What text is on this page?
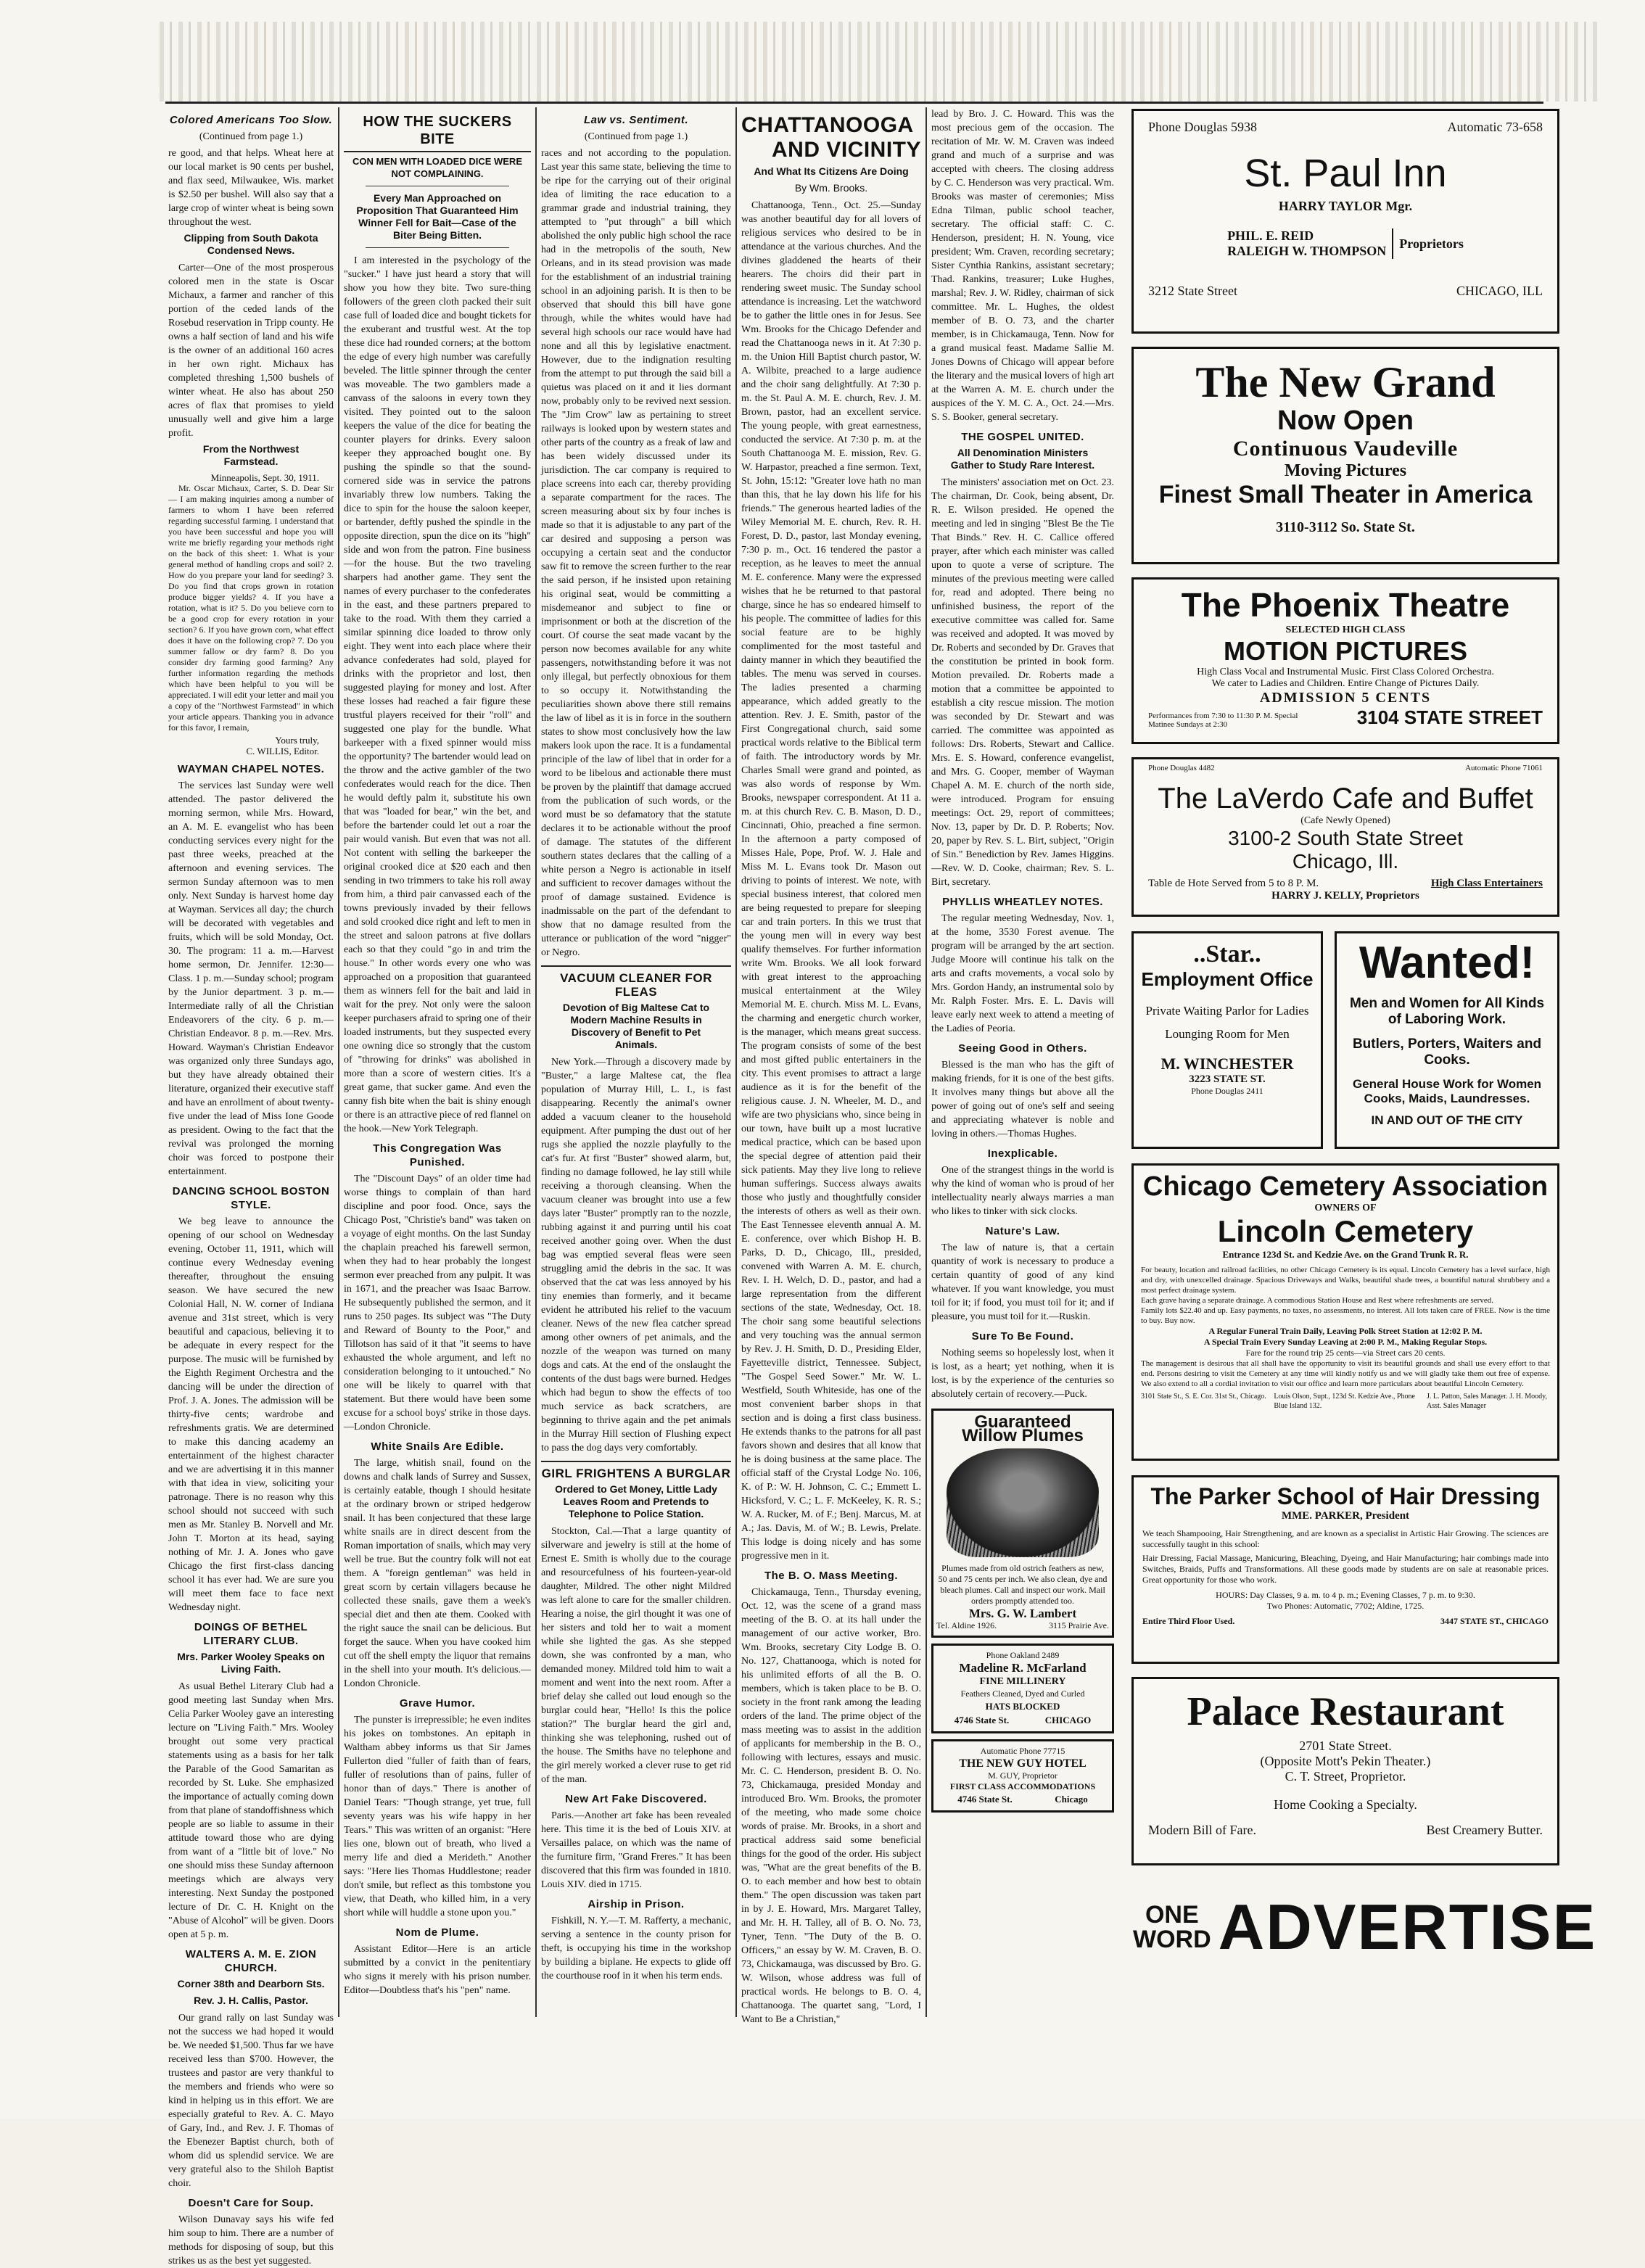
Colored Americans Too Slow.
(Continued from page 1.)

re good, and that helps. Wheat here at our local market is 90 cents per bushel, and flax seed, Milwaukee, Wis. market is $2.50 per bushel. Will also say that a large crop of winter wheat is being sown throughout the west.

Clipping from South Dakota Condensed News.

Carter—One of the most prosperous colored men in the state is Oscar Michaux, a farmer and rancher of this portion of the ceded lands of the Rosebud reservation in Tripp county. He owns a half section of land and his wife is the owner of an additional 160 acres in her own right. Michaux has completed threshing 1,500 bushels of winter wheat. He also has about 250 acres of flax that promises to yield unusually well and give him a large profit.

From the Northwest Farmstead.
Minneapolis, Sept. 30, 1911.

Mr. Oscar Michaux, Carter, S. D. Dear Sir— I am making inquiries among a number of farmers to whom I have been referred regarding successful farming. I understand that you have been successful and hope you will write me briefly regarding your methods right on the back of this sheet: 1. What is your general method of handling crops and soil? 2. How do you prepare your land for seeding? 3. Do you find that crops grown in rotation produce bigger yields? 4. If you have a rotation, what is it? 5. Do you believe corn to be a good crop for every rotation in your section? 6. If you have grown corn, what effect does it have on the following crop? 7. Do you summer fallow or dry farm? 8. Do you consider dry farming good farming? Any further information regarding the methods which have been helpful to you will be appreciated. I will edit your letter and mail you a copy of the "Northwest Farmstead" in which your article appears. Thanking you in advance for this favor, I remain,

Yours truly,
C. WILLIS, Editor.
WAYMAN CHAPEL NOTES.

The services last Sunday were well attended. The pastor delivered the morning sermon, while Mrs. Howard, an A. M. E. evangelist who has been conducting services every night for the past three weeks, preached at the afternoon and evening services. The sermon Sunday afternoon was to men only. Next Sunday is harvest home day at Wayman. Services all day; the church will be decorated with vegetables and fruits, which will be sold Monday, Oct. 30. The program: 11 a. m.—Harvest home sermon, Dr. Jennifer. 12:30—Class. 1 p. m.—Sunday school; program by the Junior department. 3 p. m.—Intermediate rally of all the Christian Endeavorers of the city. 6 p. m.—Christian Endeavor. 8 p. m.—Rev. Mrs. Howard. Wayman's Christian Endeavor was organized only three Sundays ago, but they have already obtained their literature, organized their executive staff and have an enrollment of about twenty-five under the lead of Miss Ione Goode as president. Owing to the fact that the revival was prolonged the morning choir was forced to postpone their entertainment.

DANCING SCHOOL BOSTON STYLE.

We beg leave to announce the opening of our school on Wednesday evening, October 11, 1911, which will continue every Wednesday evening thereafter, throughout the ensuing season. We have secured the new Colonial Hall, N. W. corner of Indiana avenue and 31st street, which is very beautiful and capacious, believing it to be adequate in every respect for the purpose. The music will be furnished by the Eighth Regiment Orchestra and the dancing will be under the direction of Prof. J. A. Jones. The admission will be thirty-five cents; wardrobe and refreshments gratis. We are determined to make this dancing academy an entertainment of the highest character and we are advertising it in this manner with that idea in view, soliciting your patronage. There is no reason why this school should not succeed with such men as Mr. Stanley B. Norvell and Mr. John T. Morton at its head, saying nothing of Mr. J. A. Jones who gave Chicago the first first-class dancing school it has ever had. We are sure you will meet them face to face next Wednesday night.

DOINGS OF BETHEL LITERARY CLUB.
Mrs. Parker Wooley Speaks on Living Faith.

As usual Bethel Literary Club had a good meeting last Sunday when Mrs. Celia Parker Wooley gave an interesting lecture on "Living Faith." Mrs. Wooley brought out some very practical statements using as a basis for her talk the Parable of the Good Samaritan as recorded by St. Luke. She emphasized the importance of actually coming down from that plane of standoffishness which people are so liable to assume in their attitude toward those who are dying from want of a "little bit of love." No one should miss these Sunday afternoon meetings which are always very interesting. Next Sunday the postponed lecture of Dr. C. H. Knight on the "Abuse of Alcohol" will be given. Doors open at 5 p. m.

WALTERS A. M. E. ZION CHURCH.
Corner 38th and Dearborn Sts.
Rev. J. H. Callis, Pastor.

Our grand rally on last Sunday was not the success we had hoped it would be. We needed $1,500. Thus far we have received less than $700. However, the trustees and pastor are very thankful to the members and friends who were so kind in helping us in this effort. We are especially grateful to Rev. A. C. Mayo of Gary, Ind., and Rev. J. F. Thomas of the Ebenezer Baptist church, both of whom did us splendid service. We are very grateful also to the Shiloh Baptist choir.

Doesn't Care for Soup.

Wilson Dunavay says his wife fed him soup to him. There are a number of methods for disposing of soup, but this strikes us as the best yet suggested.

HOW THE SUCKERS BITE
CON MEN WITH LOADED DICE WERE NOT COMPLAINING.
Every Man Approached on Proposition That Guaranteed Him Winner Fell for Bait—Case of the Biter Being Bitten.

I am interested in the psychology of the "sucker." I have just heard a story that will show you how they bite. Two sure-thing followers of the green cloth packed their suit case full of loaded dice and bought tickets for the exuberant and trustful west. At the top these dice had rounded corners; at the bottom the edge of every high number was carefully beveled. The little spinner through the center was moveable. The two gamblers made a canvass of the saloons in every town they visited. They pointed out to the saloon keepers the value of the dice for beating the counter players for drinks. Every saloon keeper they approached bought one. By pushing the spindle so that the sound-cornered side was in service the patrons invariably threw low numbers. Taking the dice to spin for the house the saloon keeper, or bartender, deftly pushed the spindle in the opposite direction, spun the dice on its "high" side and won from the patron. Fine business—for the house. But the two traveling sharpers had another game. They sent the names of every purchaser to the confederates in the east, and these partners prepared to take to the road. With them they carried a similar spinning dice loaded to throw only eight. They went into each place where their advance confederates had sold, played for drinks with the proprietor and lost, then suggested playing for money and lost. After these losses had reached a fair figure these trustful players received for their "roll" and suggested one play for the bundle. What barkeeper with a fixed spinner would miss the opportunity? The bartender would lead on the throw and the active gambler of the two confederates would reach for the dice. Then he would deftly palm it, substitute his own that was "loaded for bear," win the bet, and before the bartender could let out a roar the pair would vanish. But even that was not all. Not content with selling the barkeeper the original crooked dice at $20 each and then sending in two trimmers to take his roll away from him, a third pair canvassed each of the towns previously invaded by their fellows and sold crooked dice right and left to men in the street and saloon patrons at five dollars each so that they could "go in and trim the house." In other words every one who was approached on a proposition that guaranteed them as winners fell for the bait and laid in wait for the prey. Not only were the saloon keeper purchasers afraid to spring one of their loaded instruments, but they suspected every one owning dice so strongly that the custom of "throwing for drinks" was abolished in more than a score of western cities. It's a great game, that sucker game. And even the canny fish bite when the bait is shiny enough or there is an attractive piece of red flannel on the hook.—New York Telegraph.

This Congregation Was Punished.

The "Discount Days" of an older time had worse things to complain of than hard discipline and poor food. Once, says the Chicago Post, "Christie's band" was taken on a voyage of eight months. On the last Sunday the chaplain preached his farewell sermon, when they had to hear probably the longest sermon ever preached from any pulpit. It was in 1671, and the preacher was Isaac Barrow. He subsequently published the sermon, and it runs to 250 pages. Its subject was "The Duty and Reward of Bounty to the Poor," and Tillotson has said of it that "it seems to have exhausted the whole argument, and left no consideration belonging to it untouched." No one will be likely to quarrel with that statement. But there would have been some excuse for a school boys' strike in those days.—London Chronicle.

White Snails Are Edible.

The large, whitish snail, found on the downs and chalk lands of Surrey and Sussex, is certainly eatable, though I should hesitate at the ordinary brown or striped hedgerow snail. It has been conjectured that these large white snails are in direct descent from the Roman importation of snails, which may very well be true. But the country folk will not eat them. A "foreign gentleman" was held in great scorn by certain villagers because he collected these snails, gave them a week's special diet and then ate them. Cooked with the right sauce the snail can be delicious. But forget the sauce. When you have cooked him cut off the shell empty the liquor that remains in the shell into your mouth. It's delicious.—London Chronicle.

Grave Humor.

The punster is irrepressible; he even indites his jokes on tombstones. An epitaph in Waltham abbey informs us that Sir James Fullerton died "fuller of faith than of fears, fuller of resolutions than of pains, fuller of honor than of days." There is another of Daniel Tears: "Though strange, yet true, full seventy years was his wife happy in her Tears." This was written of an organist: "Here lies one, blown out of breath, who lived a merry life and died a Merideth." Another says: "Here lies Thomas Huddlestone; reader don't smile, but reflect as this tombstone you view, that Death, who killed him, in a very short while will huddle a stone upon you."

Nom de Plume.

Assistant Editor—Here is an article submitted by a convict in the penitentiary who signs it merely with his prison number. Editor—Doubtless that's his "pen" name.

Law vs. Sentiment.
(Continued from page 1.)

races and not according to the population. Last year this same state, believing the time to be ripe for the carrying out of their original idea of limiting the race education to a grammar grade and industrial training, they attempted to "put through" a bill which abolished the only public high school the race had in the metropolis of the south, New Orleans, and in its stead provision was made for the establishment of an industrial training school in an adjoining parish. It is then to be observed that should this bill have gone through, while the whites would have had several high schools our race would have had none and all this by legislative enactment. However, due to the indignation resulting from the attempt to put through the said bill a quietus was placed on it and it lies dormant now, probably only to be revived next session. The "Jim Crow" law as pertaining to street railways is looked upon by western states and other parts of the country as a freak of law and has been widely discussed under its jurisdiction. The car company is required to place screens into each car, thereby providing a separate compartment for the races. The screen measuring about six by four inches is made so that it is adjustable to any part of the car desired and supposing a person was occupying a certain seat and the conductor saw fit to remove the screen further to the rear the said person, if he insisted upon retaining his original seat, would be committing a misdemeanor and subject to fine or imprisonment or both at the discretion of the court. Of course the seat made vacant by the person now becomes available for any white passengers, notwithstanding before it was not only illegal, but perfectly obnoxious for them to so occupy it. Notwithstanding the peculiarities shown above there still remains the law of libel as it is in force in the southern states to show most conclusively how the law makers look upon the race. It is a fundamental principle of the law of libel that in order for a word to be libelous and actionable there must be proven by the plaintiff that damage accrued from the publication of such words, or the word must be so defamatory that the statute declares it to be actionable without the proof of damage. The statutes of the different southern states declares that the calling of a white person a Negro is actionable in itself and sufficient to recover damages without the proof of damage sustained. Evidence is inadmissable on the part of the defendant to show that no damage resulted from the utterance or publication of the word "nigger" or Negro.

VACUUM CLEANER FOR FLEAS
Devotion of Big Maltese Cat to Modern Machine Results in Discovery of Benefit to Pet Animals.

New York.—Through a discovery made by "Buster," a large Maltese cat, the flea population of Murray Hill, L. I., is fast disappearing. Recently the animal's owner added a vacuum cleaner to the household equipment. After pumping the dust out of her rugs she applied the nozzle playfully to the cat's fur. At first "Buster" showed alarm, but, finding no damage followed, he lay still while receiving a thorough cleansing. When the vacuum cleaner was brought into use a few days later "Buster" promptly ran to the nozzle, rubbing against it and purring until his coat received another going over. When the dust bag was emptied several fleas were seen struggling amid the debris in the sac. It was observed that the cat was less annoyed by his tiny enemies than formerly, and it became evident he attributed his relief to the vacuum cleaner. News of the new flea catcher spread among other owners of pet animals, and the nozzle of the weapon was turned on many dogs and cats. At the end of the onslaught the contents of the dust bags were burned. Hedges which had begun to show the effects of too much service as back scratchers, are beginning to thrive again and the pet animals in the Murray Hill section of Flushing expect to pass the dog days very comfortably.

GIRL FRIGHTENS A BURGLAR
Ordered to Get Money, Little Lady Leaves Room and Pretends to Telephone to Police Station.

Stockton, Cal.—That a large quantity of silverware and jewelry is still at the home of Ernest E. Smith is wholly due to the courage and resourcefulness of his fourteen-year-old daughter, Mildred. The other night Mildred was left alone to care for the smaller children. Hearing a noise, the girl thought it was one of her sisters and told her to wait a moment while she lighted the gas. As she stepped down, she was confronted by a man, who demanded money. Mildred told him to wait a moment and went into the next room. After a brief delay she called out loud enough so the burglar could hear, "Hello! Is this the police station?" The burglar heard the girl and, thinking she was telephoning, rushed out of the house. The Smiths have no telephone and the girl merely worked a clever ruse to get rid of the man.

New Art Fake Discovered.

Paris.—Another art fake has been revealed here. This time it is the bed of Louis XIV. at Versailles palace, on which was the name of the furniture firm, "Grand Freres." It has been discovered that this firm was founded in 1810. Louis XIV. died in 1715.

Airship in Prison.

Fishkill, N. Y.—T. M. Rafferty, a mechanic, serving a sentence in the county prison for theft, is occupying his time in the workshop by building a biplane. He expects to glide off the courthouse roof in it when his term ends.

CHATTANOOGA
AND VICINITY
And What Its Citizens Are Doing
By Wm. Brooks.

Chattanooga, Tenn., Oct. 25.—Sunday was another beautiful day for all lovers of religious services who desired to be in attendance at the various churches. And the divines gladdened the hearts of their hearers. The choirs did their part in rendering sweet music. The Sunday school attendance is increasing. Let the watchword be to gather the little ones in for Jesus. See Wm. Brooks for the Chicago Defender and read the Chattanooga news in it. At 7:30 p. m. the Union Hill Baptist church pastor, W. A. Wilbite, preached to a large audience and the choir sang delightfully. At 7:30 p. m. the St. Paul A. M. E. church, Rev. J. M. Brown, pastor, had an excellent service. The young people, with great earnestness, conducted the service. At 7:30 p. m. at the South Chattanooga M. E. mission, Rev. G. W. Harpastor, preached a fine sermon. Text, St. John, 15:12: "Greater love hath no man than this, that he lay down his life for his friends." The generous hearted ladies of the Wiley Memorial M. E. church, Rev. R. H. Forest, D. D., pastor, last Monday evening, 7:30 p. m., Oct. 16 tendered the pastor a reception, as he leaves to meet the annual M. E. conference. Many were the expressed wishes that he be returned to that pastoral charge, since he has so endeared himself to his people. The committee of ladies for this social feature are to be highly complimented for the most tasteful and dainty manner in which they beautified the tables. The menu was served in courses. The ladies presented a charming appearance, which added greatly to the attention. Rev. J. E. Smith, pastor of the First Congregational church, said some practical words relative to the Biblical term of faith. The introductory words by Mr. Charles Small were grand and pointed, as was also words of response by Wm. Brooks, newspaper correspondent. At 11 a. m. at this church Rev. C. B. Mason, D. D., Cincinnati, Ohio, preached a fine sermon. In the afternoon a party composed of Misses Hale, Pope, Prof. W. J. Hale and Miss M. L. Evans took Dr. Mason out driving to points of interest. We note, with special business interest, that colored men are being requested to prepare for sleeping car and train porters. In this we trust that the young men will in every way best qualify themselves. For further information write Wm. Brooks. We all look forward with great interest to the approaching musical entertainment at the Wiley Memorial M. E. church. Miss M. L. Evans, the charming and energetic church worker, is the manager, which means great success. The program consists of some of the best and most gifted public entertainers in the city. This event promises to attract a large audience as it is for the benefit of the religious cause. J. N. Wheeler, M. D., and wife are two physicians who, since being in our town, have built up a most lucrative medical practice, which can be based upon the special degree of attention paid their sick patients. May they live long to relieve human sufferings. Success always awaits those who justly and thoughtfully consider the interests of others as well as their own. The East Tennessee eleventh annual A. M. E. conference, over which Bishop H. B. Parks, D. D., Chicago, Ill., presided, convened with Warren A. M. E. church, Rev. I. H. Welch, D. D., pastor, and had a large representation from the different sections of the state, Wednesday, Oct. 18. The choir sang some beautiful selections and very touching was the annual sermon by Rev. J. H. Smith, D. D., Presiding Elder, Fayetteville district, Tennessee. Subject, "The Gospel Seed Sower." Mr. W. L. Westfield, South Whiteside, has one of the most convenient barber shops in that section and is doing a first class business. He extends thanks to the patrons for all past favors shown and desires that all know that he is doing business at the same place. The official staff of the Crystal Lodge No. 106, K. of P.: W. H. Johnson, C. C.; Emmett L. Hicksford, V. C.; L. F. McKeeley, K. R. S.; W. A. Rucker, M. of F.; Benj. Marcus, M. at A.; Jas. Davis, M. of W.; B. Lewis, Prelate. This lodge is doing nicely and has some progressive men in it.

The B. O. Mass Meeting.

Chickamauga, Tenn., Thursday evening, Oct. 12, was the scene of a grand mass meeting of the B. O. at its hall under the management of our active worker, Bro. Wm. Brooks, secretary City Lodge B. O. No. 127, Chattanooga, which is noted for his unlimited efforts of all the B. O. members, which is taken place to be B. O. society in the front rank among the leading orders of the land. The prime object of the mass meeting was to assist in the addition of applicants for membership in the B. O., following with lectures, essays and music. Mr. C. C. Henderson, president B. O. No. 73, Chickamauga, presided Monday and introduced Bro. Wm. Brooks, the promoter of the meeting, who made some choice words of praise. Mr. Brooks, in a short and practical address said some beneficial things for the good of the order. His subject was, "What are the great benefits of the B. O. to each member and how best to obtain them." The open discussion was taken part in by J. E. Howard, Mrs. Margaret Talley, and Mr. H. H. Talley, all of B. O. No. 73, Tyner, Tenn. "The Duty of the B. O. Officers," an essay by W. M. Craven, B. O. 73, Chickamauga, was discussed by Bro. G. W. Wilson, whose address was full of practical words. He belongs to B. O. 4, Chattanooga. The quartet sang, "Lord, I Want to Be a Christian,"

lead by Bro. J. C. Howard. This was the most precious gem of the occasion. The recitation of Mr. W. M. Craven was indeed grand and much of a surprise and was accepted with cheers. The closing address by C. C. Henderson was very practical. Wm. Brooks was master of ceremonies; Miss Edna Tilman, public school teacher, secretary. The official staff: C. C. Henderson, president; H. N. Young, vice president; Wm. Craven, recording secretary; Sister Cynthia Rankins, assistant secretary; Thad. Rankins, treasurer; Luke Hughes, marshal; Rev. J. W. Ridley, chairman of sick committee. Mr. L. Hughes, the oldest member of B. O. 73, and the charter member, is in Chickamauga, Tenn. Now for a grand musical feast. Madame Sallie M. Jones Downs of Chicago will appear before the literary and the musical lovers of high art at the Warren A. M. E. church under the auspices of the Y. M. C. A., Oct. 24.—Mrs. S. S. Booker, general secretary.

THE GOSPEL UNITED.
All Denomination Ministers Gather to Study Rare Interest.

The ministers' association met on Oct. 23. The chairman, Dr. Cook, being absent, Dr. R. E. Wilson presided. He opened the meeting and led in singing "Blest Be the Tie That Binds." Rev. H. C. Callice offered prayer, after which each minister was called upon to quote a verse of scripture. The minutes of the previous meeting were called for, read and adopted. There being no unfinished business, the report of the executive committee was called for. Same was received and adopted. It was moved by Dr. Roberts and seconded by Dr. Graves that the constitution be printed in book form. Motion prevailed. Dr. Roberts made a motion that a committee be appointed to establish a city rescue mission. The motion was seconded by Dr. Stewart and was carried. The committee was appointed as follows: Drs. Roberts, Stewart and Callice. Mrs. E. S. Howard, conference evangelist, and Mrs. G. Cooper, member of Wayman Chapel A. M. E. church of the north side, were introduced. Program for ensuing meetings: Oct. 29, report of committees; Nov. 13, paper by Dr. D. P. Roberts; Nov. 20, paper by Rev. S. L. Birt, subject, "Origin of Sin." Benediction by Rev. James Higgins.—Rev. W. D. Cooke, chairman; Rev. S. L. Birt, secretary.

PHYLLIS WHEATLEY NOTES.

The regular meeting Wednesday, Nov. 1, at the home, 3530 Forest avenue. The program will be arranged by the art section. Judge Moore will continue his talk on the arts and crafts movements, a vocal solo by Mrs. Gordon Handy, an instrumental solo by Mr. Ralph Foster. Mrs. E. L. Davis will leave early next week to attend a meeting of the Ladies of Peoria.

Seeing Good in Others.

Blessed is the man who has the gift of making friends, for it is one of the best gifts. It involves many things but above all the power of going out of one's self and seeing and appreciating whatever is noble and loving in others.—Thomas Hughes.

Inexplicable.

One of the strangest things in the world is why the kind of woman who is proud of her intellectuality nearly always marries a man who likes to tinker with sick clocks.

Nature's Law.

The law of nature is, that a certain quantity of work is necessary to produce a certain quantity of good of any kind whatever. If you want knowledge, you must toil for it; if food, you must toil for it; and if pleasure, you must toil for it.—Ruskin.

Sure To Be Found.

Nothing seems so hopelessly lost, when it is lost, as a heart; yet nothing, when it is lost, is by the experience of the centuries so absolutely certain of recovery.—Puck.

Guaranteed
Willow Plumes
Plumes made from old ostrich feathers as new, 50 and 75 cents per inch. We also clean, dye and bleach plumes. Call and inspect our work. Mail orders promptly attended too.
Mrs. G. W. Lambert
Tel. Aldine 1926.	3115 Prairie Ave.
Phone Oakland 2489
Madeline R. McFarland
FINE MILLINERY
Feathers Cleaned, Dyed and Curled
HATS BLOCKED
4746 State St.	CHICAGO
Automatic Phone 77715
THE NEW GUY HOTEL
M. GUY, Proprietor
FIRST CLASS ACCOMMODATIONS
4746 State St.	Chicago
Phone Douglas 5938	Automatic 73-658
St. Paul Inn
HARRY TAYLOR Mgr.
PHIL. E. REID
RALEIGH W. THOMPSON
Proprietors
3212 State Street	CHICAGO, ILL
The New Grand
Now Open
Continuous Vaudeville
Moving Pictures
Finest Small Theater in America
3110-3112 So. State St.
The Phoenix Theatre
SELECTED HIGH CLASS
MOTION PICTURES
High Class Vocal and Instrumental Music. First Class Colored Orchestra.
We cater to Ladies and Children. Entire Change of Pictures Daily.
ADMISSION 5 CENTS
Performances from 7:30 to 11:30 P. M. Special Matinee Sundays at 2:30	3104 STATE STREET
Phone Douglas 4482	Automatic Phone 71061
The LaVerdo Cafe and Buffet
(Cafe Newly Opened)
3100-2 South State Street
Chicago, Ill.
Table de Hote Served from 5 to 8 P. M.	High Class Entertainers
HARRY J. KELLY, Proprietors
..Star..
Employment Office
Private Waiting Parlor for Ladies
Lounging Room for Men
M. WINCHESTER
3223 STATE ST.
Phone Douglas 2411
Wanted!
Men and Women for All Kinds of Laboring Work.
Butlers, Porters, Waiters and Cooks.
General House Work for Women Cooks, Maids, Laundresses.
IN AND OUT OF THE CITY
Chicago Cemetery Association
OWNERS OF
Lincoln Cemetery
Entrance 123d St. and Kedzie Ave. on the Grand Trunk R. R.
For beauty, location and railroad facilities, no other Chicago Cemetery is its equal. Lincoln Cemetery has a level surface, high and dry, with unexcelled drainage. Spacious Driveways and Walks, beautiful shade trees, a bountiful natural shrubbery and a most perfect drainage system.
Each grave having a separate drainage. A commodious Station House and Rest where refreshments are served.
Family lots $22.40 and up. Easy payments, no taxes, no assessments, no interest. All lots taken care of FREE. Now is the time to buy. Buy now.
A Regular Funeral Train Daily, Leaving Polk Street Station at 12:02 P. M.
A Special Train Every Sunday Leaving at 2:00 P. M., Making Regular Stops.
Fare for the round trip 25 cents—via Street cars 20 cents.
The management is desirous that all shall have the opportunity to visit its beautiful grounds and shall use every effort to that end. Persons desiring to visit the Cemetery at any time will kindly notify us and we will gladly take them out free of expense. We also extend to all a cordial invitation to visit our office and learn more particulars about beautiful Lincoln Cemetery.
3101 State St., S. E. Cor. 31st St., Chicago. Louis Olson, Supt., 123d St. Kedzie Ave., Phone Blue Island 132.
J. L. Patton, Sales Manager. J. H. Moody, Asst. Sales Manager
The Parker School of Hair Dressing
MME. PARKER, President
We teach Shampooing, Hair Strengthening, and are known as a specialist in Artistic Hair Growing. The sciences are successfully taught in this school:
Hair Dressing, Facial Massage, Manicuring, Bleaching, Dyeing, and Hair Manufacturing; hair combings made into Switches, Braids, Puffs and Transformations. All these goods made by students are on sale at reasonable prices. Great opportunity for those who work.
HOURS: Day Classes, 9 a. m. to 4 p. m.; Evening Classes, 7 p. m. to 9:30.
Two Phones: Automatic, 7702; Aldine, 1725.
Entire Third Floor Used.	3447 STATE ST., CHICAGO
Palace Restaurant
2701 State Street.
(Opposite Mott's Pekin Theater.)
C. T. Street, Proprietor.
Home Cooking a Specialty.
Modern Bill of Fare.	Best Creamery Butter.
ONE
WORD ADVERTISE
